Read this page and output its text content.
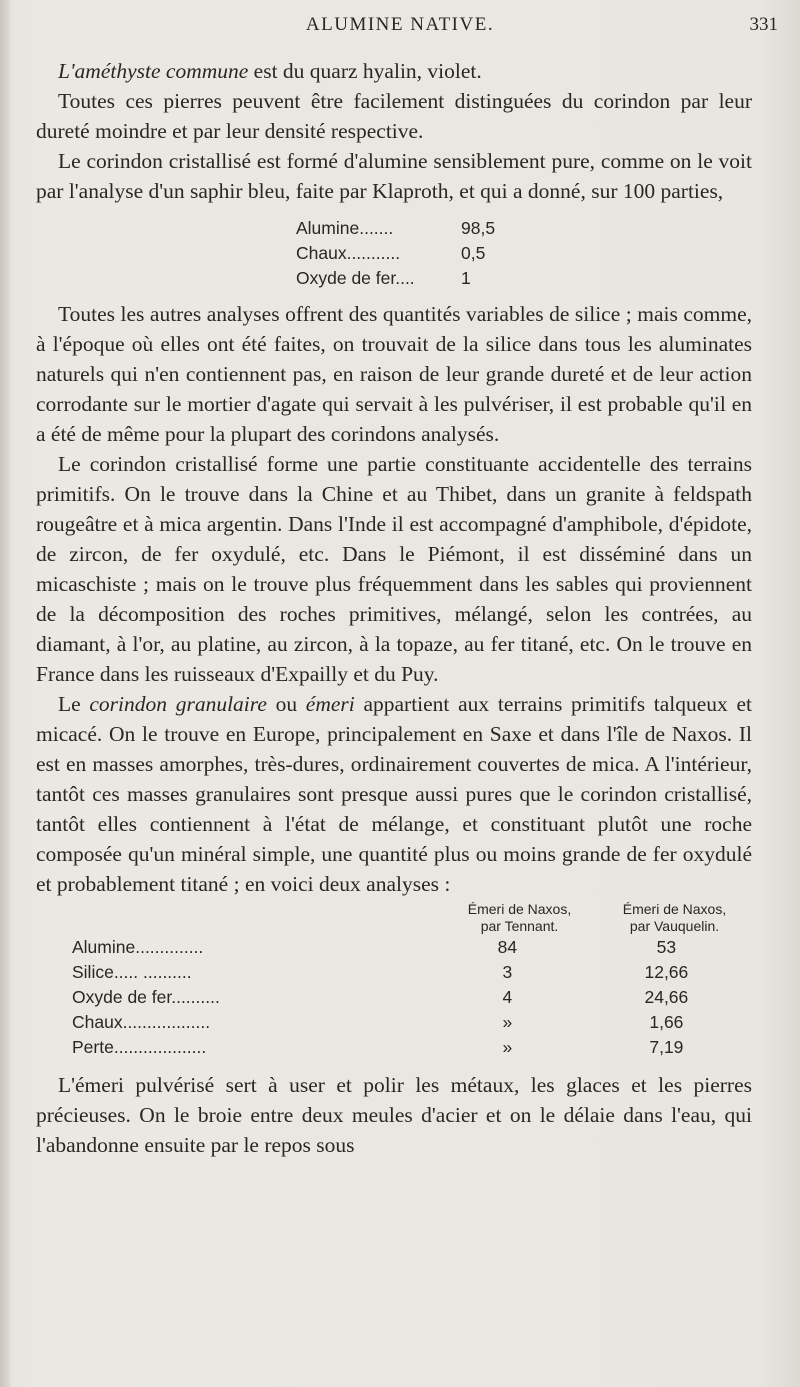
ALUMINE NATIVE.	331

L'améthyste commune est du quarz hyalin, violet.

Toutes ces pierres peuvent être facilement distinguées du corindon par leur dureté moindre et par leur densité respective.

Le corindon cristallisé est formé d'alumine sensiblement pure, comme on le voit par l'analyse d'un saphir bleu, faite par Klaproth, et qui a donné, sur 100 parties,

Alumine.......	98,5
Chaux...........	0,5
Oxyde de fer....	1

Toutes les autres analyses offrent des quantités variables de silice ; mais comme, à l'époque où elles ont été faites, on trouvait de la silice dans tous les aluminates naturels qui n'en contiennent pas, en raison de leur grande dureté et de leur action corrodante sur le mortier d'agate qui servait à les pulvériser, il est probable qu'il en a été de même pour la plupart des corindons analysés.

Le corindon cristallisé forme une partie constituante accidentelle des terrains primitifs. On le trouve dans la Chine et au Thibet, dans un granite à feldspath rougeâtre et à mica argentin. Dans l'Inde il est accompagné d'amphibole, d'épidote, de zircon, de fer oxydulé, etc. Dans le Piémont, il est disséminé dans un micaschiste ; mais on le trouve plus fréquemment dans les sables qui proviennent de la décomposition des roches primitives, mélangé, selon les contrées, au diamant, à l'or, au platine, au zircon, à la topaze, au fer titané, etc. On le trouve en France dans les ruisseaux d'Expailly et du Puy.

Le corindon granulaire ou émeri appartient aux terrains primitifs talqueux et micacé. On le trouve en Europe, principalement en Saxe et dans l'île de Naxos. Il est en masses amorphes, très-dures, ordinairement couvertes de mica. A l'intérieur, tantôt ces masses granulaires sont presque aussi pures que le corindon cristallisé, tantôt elles contiennent à l'état de mélange, et constituant plutôt une roche composée qu'un minéral simple, une quantité plus ou moins grande de fer oxydulé et probablement titané ; en voici deux analyses :

Émeri de Naxos,
par Tennant.
Émeri de Naxos,
par Vauquelin.
Alumine..............	84	53
Silice..... ..........	3	12,66
Oxyde de fer..........	4	24,66
Chaux..................	»	1,66
Perte...................	»	7,19

L'émeri pulvérisé sert à user et polir les métaux, les glaces et les pierres précieuses. On le broie entre deux meules d'acier et on le délaie dans l'eau, qui l'abandonne ensuite par le repos sous
